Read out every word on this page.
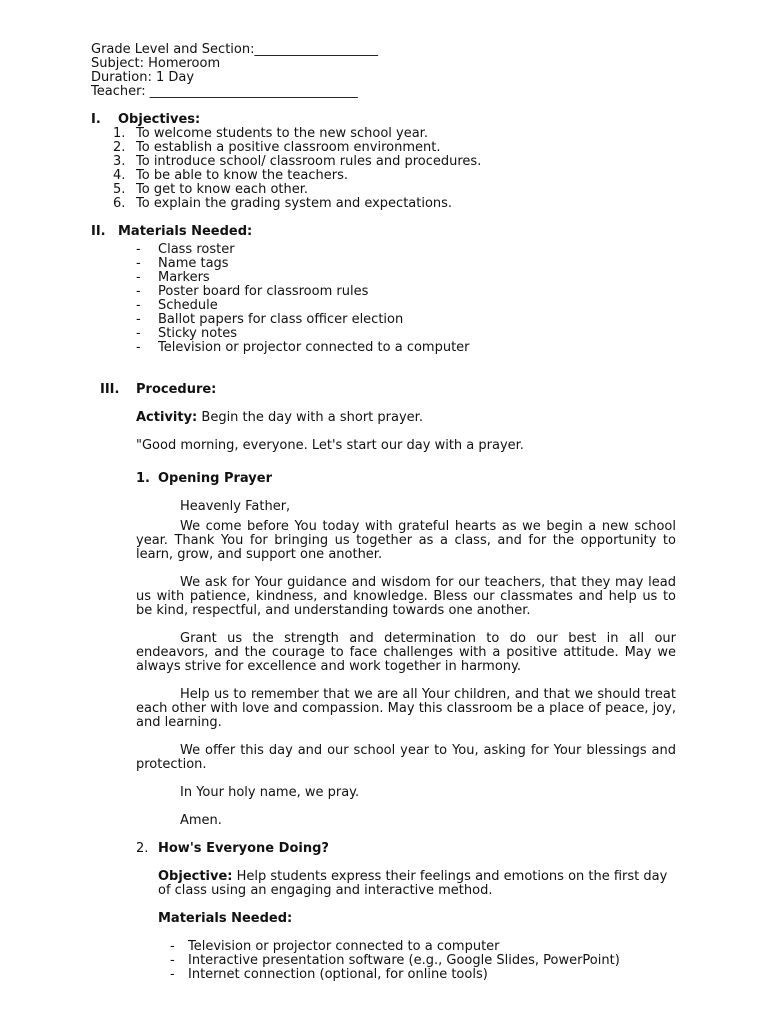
Grade Level and Section:___________________
Subject: Homeroom
Duration: 1 Day
Teacher: ________________________________
I. Objectives:
1. To welcome students to the new school year.
2. To establish a positive classroom environment.
3. To introduce school/ classroom rules and procedures.
4. To be able to know the teachers.
5. To get to know each other.
6. To explain the grading system and expectations.
II. Materials Needed:
- Class roster
- Name tags
- Markers
- Poster board for classroom rules
- Schedule
- Ballot papers for class officer election
- Sticky notes
- Television or projector connected to a computer
III. Procedure:
Activity: Begin the day with a short prayer.
"Good morning, everyone. Let's start our day with a prayer.
1. Opening Prayer
Heavenly Father,
We come before You today with grateful hearts as we begin a new school year. Thank You for bringing us together as a class, and for the opportunity to learn, grow, and support one another.
We ask for Your guidance and wisdom for our teachers, that they may lead us with patience, kindness, and knowledge. Bless our classmates and help us to be kind, respectful, and understanding towards one another.
Grant us the strength and determination to do our best in all our endeavors, and the courage to face challenges with a positive attitude. May we always strive for excellence and work together in harmony.
Help us to remember that we are all Your children, and that we should treat each other with love and compassion. May this classroom be a place of peace, joy, and learning.
We offer this day and our school year to You, asking for Your blessings and protection.
In Your holy name, we pray.
Amen.
2. How's Everyone Doing?
Objective: Help students express their feelings and emotions on the first day of class using an engaging and interactive method.
Materials Needed:
- Television or projector connected to a computer
- Interactive presentation software (e.g., Google Slides, PowerPoint)
- Internet connection (optional, for online tools)
